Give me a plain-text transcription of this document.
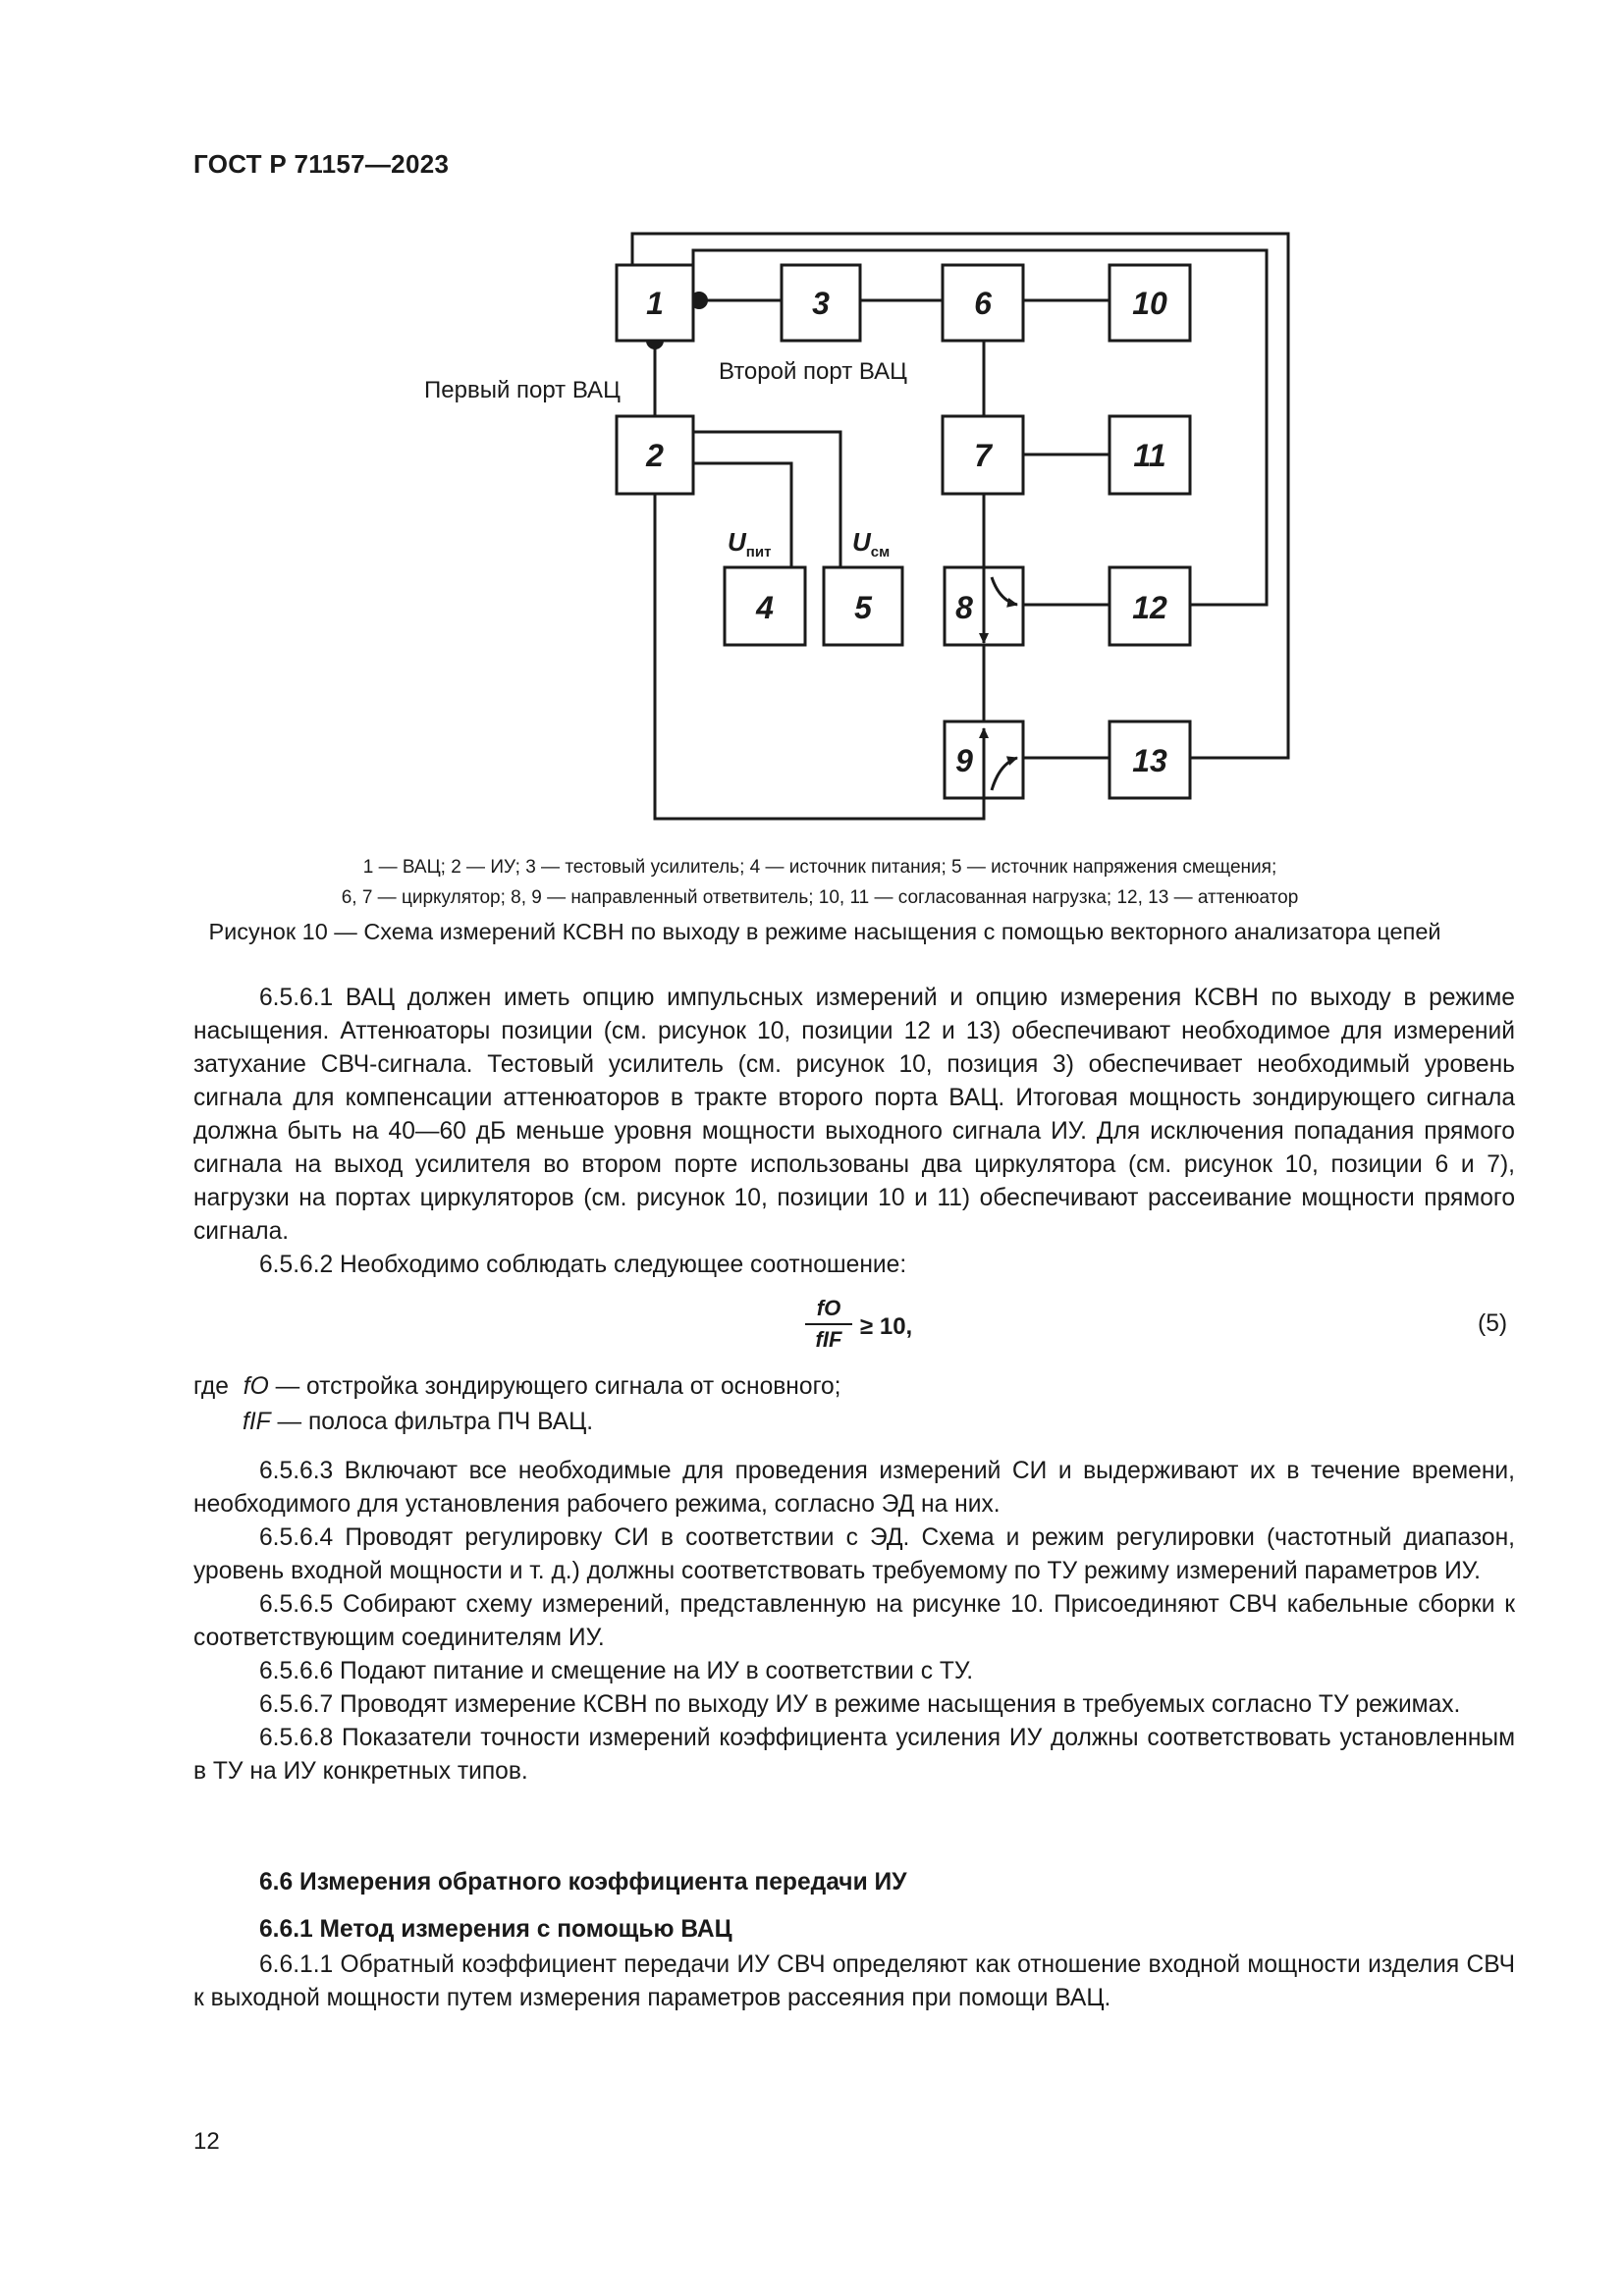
ГОСТ Р 71157—2023
1
2
3
4	5
6
7
8
9
10
11
12
13
Первый порт ВАЦ
Второй порт ВАЦ
$U_{пит}$	$U_{см}$
1 — ВАЦ; 2 — ИУ; 3 — тестовый усилитель; 4 — источник питания; 5 — источник напряжения смещения;
6, 7 — циркулятор; 8, 9 — направленный ответвитель; 10, 11 — согласованная нагрузка; 12, 13 — аттенюатор
Рисунок 10 — Схема измерений КСВН по выходу в режиме насыщения с помощью векторного анализатора цепей

6.5.6.1 ВАЦ должен иметь опцию импульсных измерений и опцию измерения КСВН по выходу в режиме насыщения. Аттенюаторы позиции (см. рисунок 10, позиции 12 и 13) обеспечивают необходимое для измерений затухание СВЧ-сигнала. Тестовый усилитель (см. рисунок 10, позиция 3) обеспечивает необходимый уровень сигнала для компенсации аттенюаторов в тракте второго порта ВАЦ. Итоговая мощность зондирующего сигнала должна быть на 40—60 дБ меньше уровня мощности выходного сигнала ИУ. Для исключения попадания прямого сигнала на выход усилителя во втором порте использованы два циркулятора (см. рисунок 10, позиции 6 и 7), нагрузки на портах циркуляторов (см. рисунок 10, позиции 10 и 11) обеспечивают рассеивание мощности прямого сигнала.

6.5.6.2 Необходимо соблюдать следующее соотношение:

fO
fIF ≥ 10,	(5)
где fO — отстройка зондирующего сигнала от основного;
fIF — полоса фильтра ПЧ ВАЦ.

6.5.6.3 Включают все необходимые для проведения измерений СИ и выдерживают их в течение времени, необходимого для установления рабочего режима, согласно ЭД на них.

6.5.6.4 Проводят регулировку СИ в соответствии с ЭД. Схема и режим регулировки (частотный диапазон, уровень входной мощности и т. д.) должны соответствовать требуемому по ТУ режиму измерений параметров ИУ.

6.5.6.5 Собирают схему измерений, представленную на рисунке 10. Присоединяют СВЧ кабельные сборки к соответствующим соединителям ИУ.

6.5.6.6 Подают питание и смещение на ИУ в соответствии с ТУ.

6.5.6.7 Проводят измерение КСВН по выходу ИУ в режиме насыщения в требуемых согласно ТУ режимах.

6.5.6.8 Показатели точности измерений коэффициента усиления ИУ должны соответствовать установленным в ТУ на ИУ конкретных типов.

6.6 Измерения обратного коэффициента передачи ИУ
6.6.1 Метод измерения с помощью ВАЦ

6.6.1.1 Обратный коэффициент передачи ИУ СВЧ определяют как отношение входной мощности изделия СВЧ к выходной мощности путем измерения параметров рассеяния при помощи ВАЦ.

12
